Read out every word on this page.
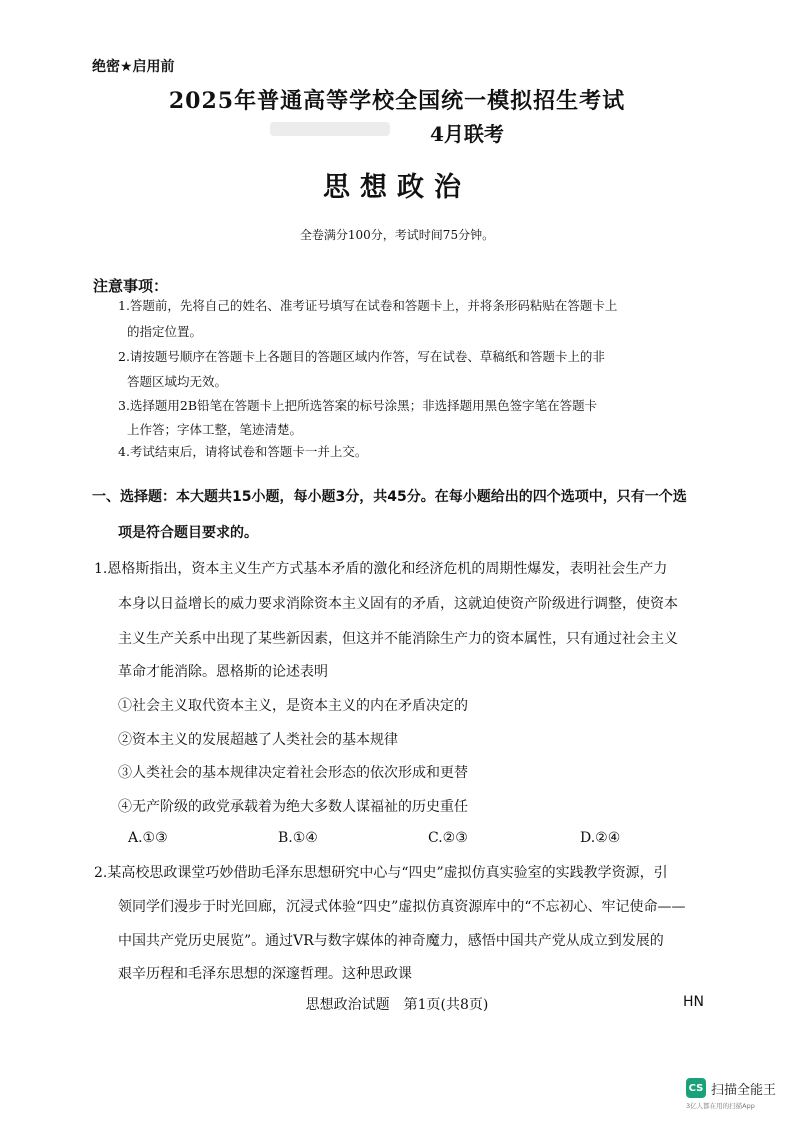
绝密★启用前
2025年普通高等学校全国统一模拟招生考试
4月联考
思想政治
全卷满分100分，考试时间75分钟。
注意事项：
1.答题前，先将自己的姓名、准考证号填写在试卷和答题卡上，并将条形码粘贴在答题卡上
的指定位置。
2.请按题号顺序在答题卡上各题目的答题区域内作答，写在试卷、草稿纸和答题卡上的非
答题区域均无效。
3.选择题用2B铅笔在答题卡上把所选答案的标号涂黑；非选择题用黑色签字笔在答题卡
上作答；字体工整，笔迹清楚。
4.考试结束后，请将试卷和答题卡一并上交。
一、选择题：本大题共15小题，每小题3分，共45分。在每小题给出的四个选项中，只有一个选
项是符合题目要求的。
1.恩格斯指出，资本主义生产方式基本矛盾的激化和经济危机的周期性爆发，表明社会生产力
本身以日益增长的威力要求消除资本主义固有的矛盾，这就迫使资产阶级进行调整，使资本
主义生产关系中出现了某些新因素，但这并不能消除生产力的资本属性，只有通过社会主义
革命才能消除。恩格斯的论述表明
①社会主义取代资本主义，是资本主义的内在矛盾决定的
②资本主义的发展超越了人类社会的基本规律
③人类社会的基本规律决定着社会形态的依次形成和更替
④无产阶级的政党承载着为绝大多数人谋福祉的历史重任
A.①③	B.①④	C.②③	D.②④
2.某高校思政课堂巧妙借助毛泽东思想研究中心与“四史”虚拟仿真实验室的实践教学资源，引
领同学们漫步于时光回廊，沉浸式体验“四史”虚拟仿真资源库中的“不忘初心、牢记使命——
中国共产党历史展览”。通过VR与数字媒体的神奇魔力，感悟中国共产党从成立到发展的
艰辛历程和毛泽东思想的深邃哲理。这种思政课
思想政治试题　第1页(共8页)	HN
CS 扫描全能王
3亿人都在用的扫描App
